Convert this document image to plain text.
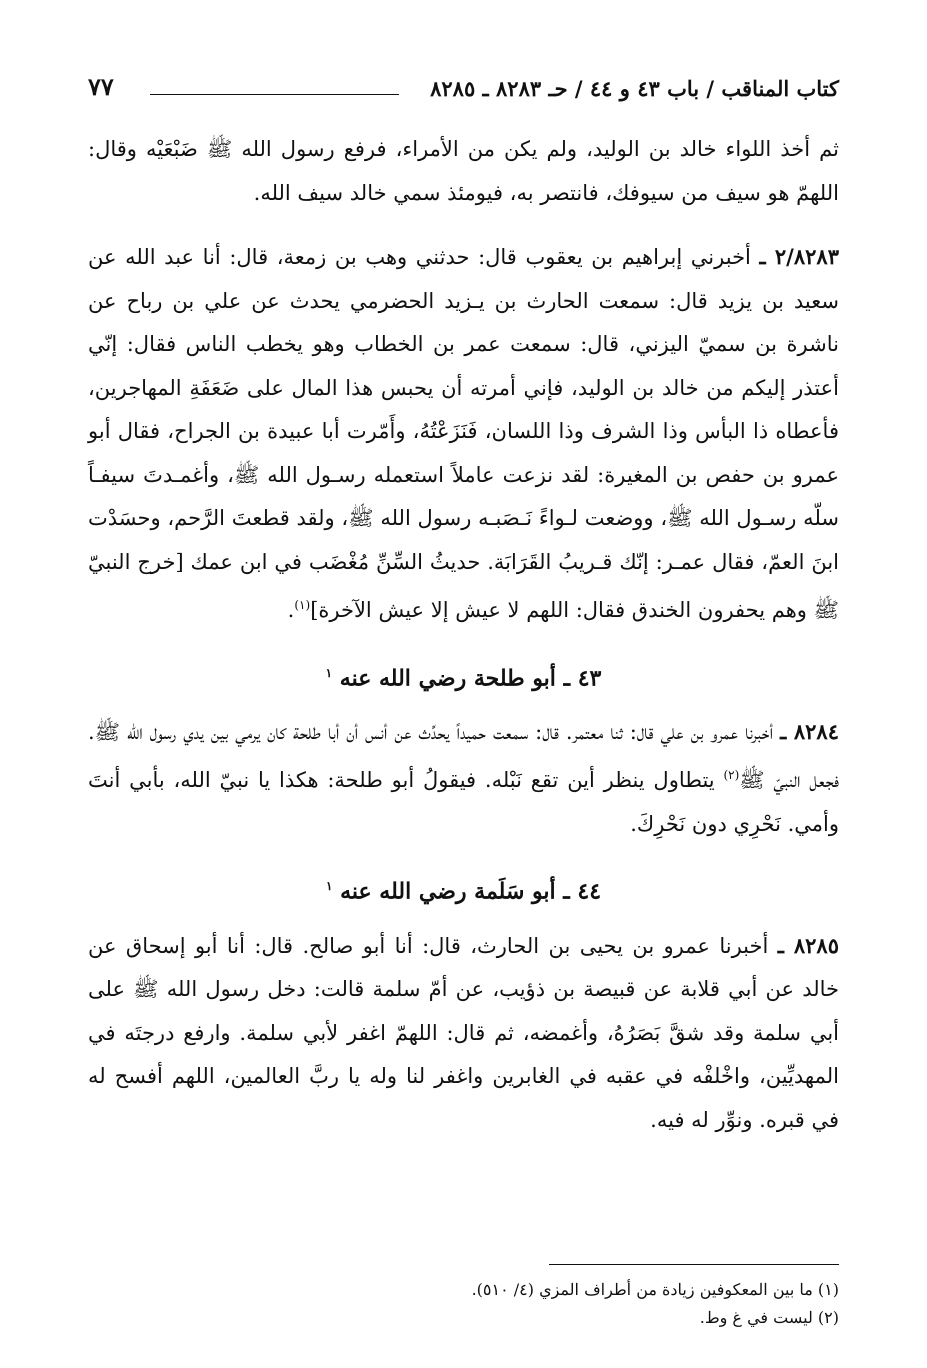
كتاب المناقب / باب ٤٣ و ٤٤ / حـ ٨٢٨٣ ـ ٨٢٨٥
٧٧

ثم أخذ اللواء خالد بن الوليد، ولم يكن من الأمراء، فرفع رسول الله ﷺ ضَبْعَيْه وقال: اللهمّ هو سيف من سيوفك، فانتصر به، فيومئذ سمي خالد سيف الله.

٢/٨٢٨٣ ـ أخبرني إبراهيم بن يعقوب قال: حدثني وهب بن زمعة، قال: أنا عبد الله عن سعيد بن يزيد قال: سمعت الحارث بن يـزيد الحضرمي يحدث عن علي بن رباح عن ناشرة بن سميّ اليزني، قال: سمعت عمر بن الخطاب وهو يخطب الناس فقال: إنّي أعتذر إليكم من خالد بن الوليد، فإني أمرته أن يحبس هذا المال على ضَعَفَةِ المهاجرين، فأعطاه ذا البأس وذا الشرف وذا اللسان، فَنَزَعْتُهُ، وأَمّرت أبا عبيدة بن الجراح، فقال أبو عمرو بن حفص بن المغيرة: لقد نزعت عاملاً استعمله رسـول الله ﷺ، وأغمـدتَ سيفـاً سلّه رسـول الله ﷺ، ووضعت لـواءً نَـصَبـه رسول الله ﷺ، ولقد قطعتَ الرَّحم، وحسَدْت ابنَ العمّ، فقال عمـر: إنّك قـريبُ القَرَابَة. حديثُ السِّنِّ مُغْضَب في ابن عمك [خرج النبيّ ﷺ وهم يحفرون الخندق فقال: اللهم لا عيش إلا عيش الآخرة]$^{(١)}$.

٤٣ ـ أبو طلحة رضي الله عنه $^١$

٨٢٨٤ ـ أخبرنا عمرو بن علي قال: ثنا معتمر. قال: سمعت حميداً يحدِّث عن أنس أن أبا طلحة كان يرمي بين يدي رسول الله ﷺ. فجعل النبيّ ﷺ$^{(٢)}$ يتطاول ينظر أين تقع نَبْله. فيقولُ أبو طلحة: هكذا يا نبيّ الله، بأبي أنتَ وأمي. نَحْرِي دون نَحْرِكَ.

٤٤ ـ أبو سَلَمة رضي الله عنه $^١$

٨٢٨٥ ـ أخبرنا عمرو بن يحيى بن الحارث، قال: أنا أبو صالح. قال: أنا أبو إسحاق عن خالد عن أبي قلابة عن قبيصة بن ذؤيب، عن أمّ سلمة قالت: دخل رسول الله ﷺ على أبي سلمة وقد شقَّ بَصَرُهُ، وأغمضه، ثم قال: اللهمّ اغفر لأبي سلمة. وارفع درجتَه في المهديِّين، واخْلفْه في عقبه في الغابرين واغفر لنا وله يا ربَّ العالمين، اللهم أفسح له في قبره. ونوِّر له فيه.

(١) ما بين المعكوفين زيادة من أطراف المزي (٤/ ٥١٠).

(٢) ليست في غ وط.
